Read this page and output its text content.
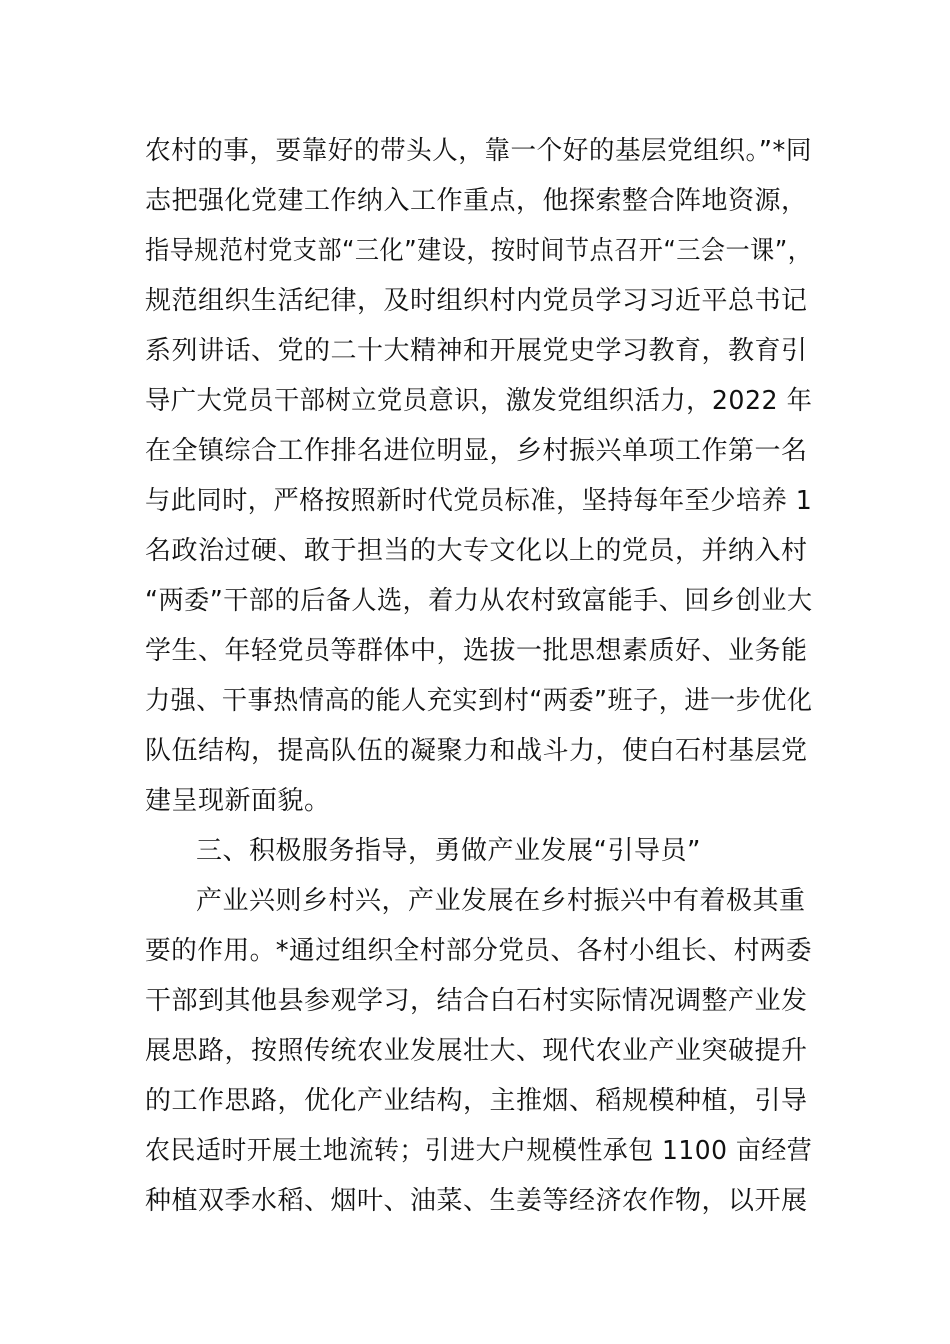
农村的事，要靠好的带头人，靠一个好的基层党组织。”*同
志把强化党建工作纳入工作重点，他探索整合阵地资源，
指导规范村党支部“三化”建设，按时间节点召开“三会一课”，
规范组织生活纪律，及时组织村内党员学习习近平总书记
系列讲话、党的二十大精神和开展党史学习教育，教育引
导广大党员干部树立党员意识，激发党组织活力，2022 年
在全镇综合工作排名进位明显，乡村振兴单项工作第一名
与此同时，严格按照新时代党员标准，坚持每年至少培养 1
名政治过硬、敢于担当的大专文化以上的党员，并纳入村
“两委”干部的后备人选，着力从农村致富能手、回乡创业大
学生、年轻党员等群体中，选拔一批思想素质好、业务能
力强、干事热情高的能人充实到村“两委”班子，进一步优化
队伍结构，提高队伍的凝聚力和战斗力，使白石村基层党
建呈现新面貌。
三、积极服务指导，勇做产业发展“引导员”
产业兴则乡村兴，产业发展在乡村振兴中有着极其重
要的作用。*通过组织全村部分党员、各村小组长、村两委
干部到其他县参观学习，结合白石村实际情况调整产业发
展思路，按照传统农业发展壮大、现代农业产业突破提升
的工作思路，优化产业结构，主推烟、稻规模种植，引导
农民适时开展土地流转；引进大户规模性承包 1100 亩经营
种植双季水稻、烟叶、油菜、生姜等经济农作物，以开展
